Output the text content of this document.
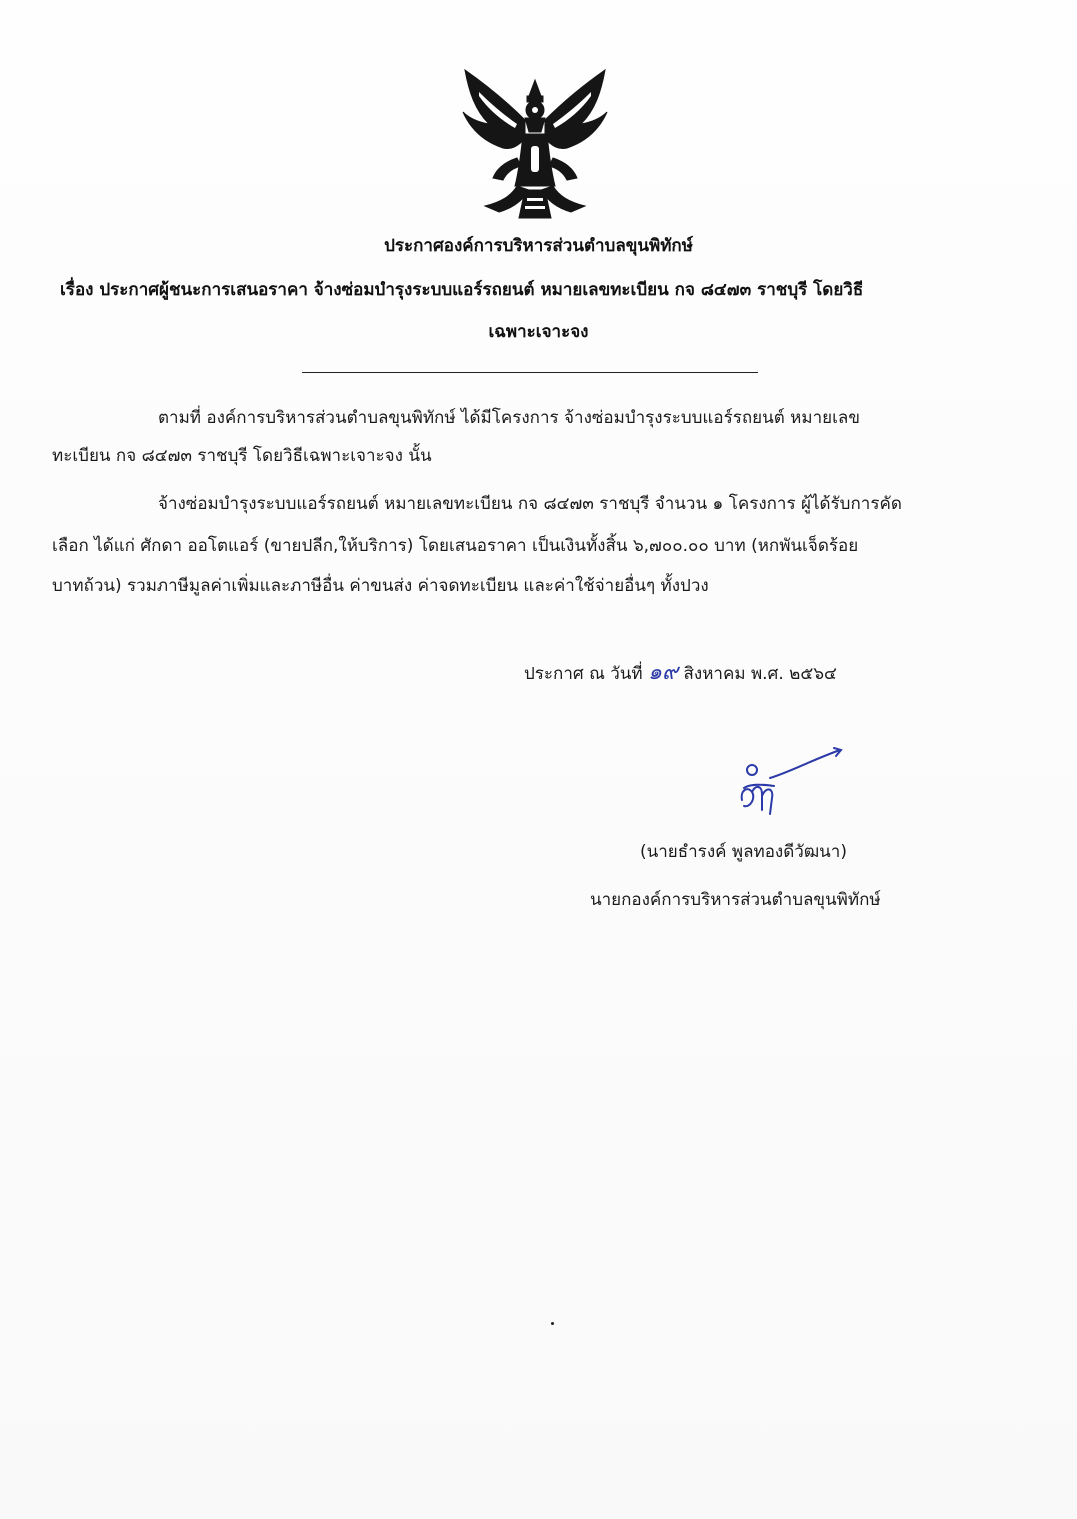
ประกาศองค์การบริหารส่วนตำบลขุนพิทักษ์
เรื่อง ประกาศผู้ชนะการเสนอราคา จ้างซ่อมบำรุงระบบแอร์รถยนต์ หมายเลขทะเบียน กจ ๘๔๗๓ ราชบุรี โดยวิธี
เฉพาะเจาะจง
ตามที่ องค์การบริหารส่วนตำบลขุนพิทักษ์ ได้มีโครงการ จ้างซ่อมบำรุงระบบแอร์รถยนต์ หมายเลข
ทะเบียน กจ ๘๔๗๓ ราชบุรี โดยวิธีเฉพาะเจาะจง นั้น
จ้างซ่อมบำรุงระบบแอร์รถยนต์ หมายเลขทะเบียน กจ ๘๔๗๓ ราชบุรี จำนวน ๑ โครงการ ผู้ได้รับการคัด
เลือก ได้แก่ ศักดา ออโตแอร์ (ขายปลีก,ให้บริการ) โดยเสนอราคา เป็นเงินทั้งสิ้น ๖,๗๐๐.๐๐ บาท (หกพันเจ็ดร้อย
บาทถ้วน) รวมภาษีมูลค่าเพิ่มและภาษีอื่น ค่าขนส่ง ค่าจดทะเบียน และค่าใช้จ่ายอื่นๆ ทั้งปวง
ประกาศ ณ วันที่ ๑๙ สิงหาคม พ.ศ. ๒๕๖๔
(นายธำรงค์ พูลทองดีวัฒนา)
นายกองค์การบริหารส่วนตำบลขุนพิทักษ์
